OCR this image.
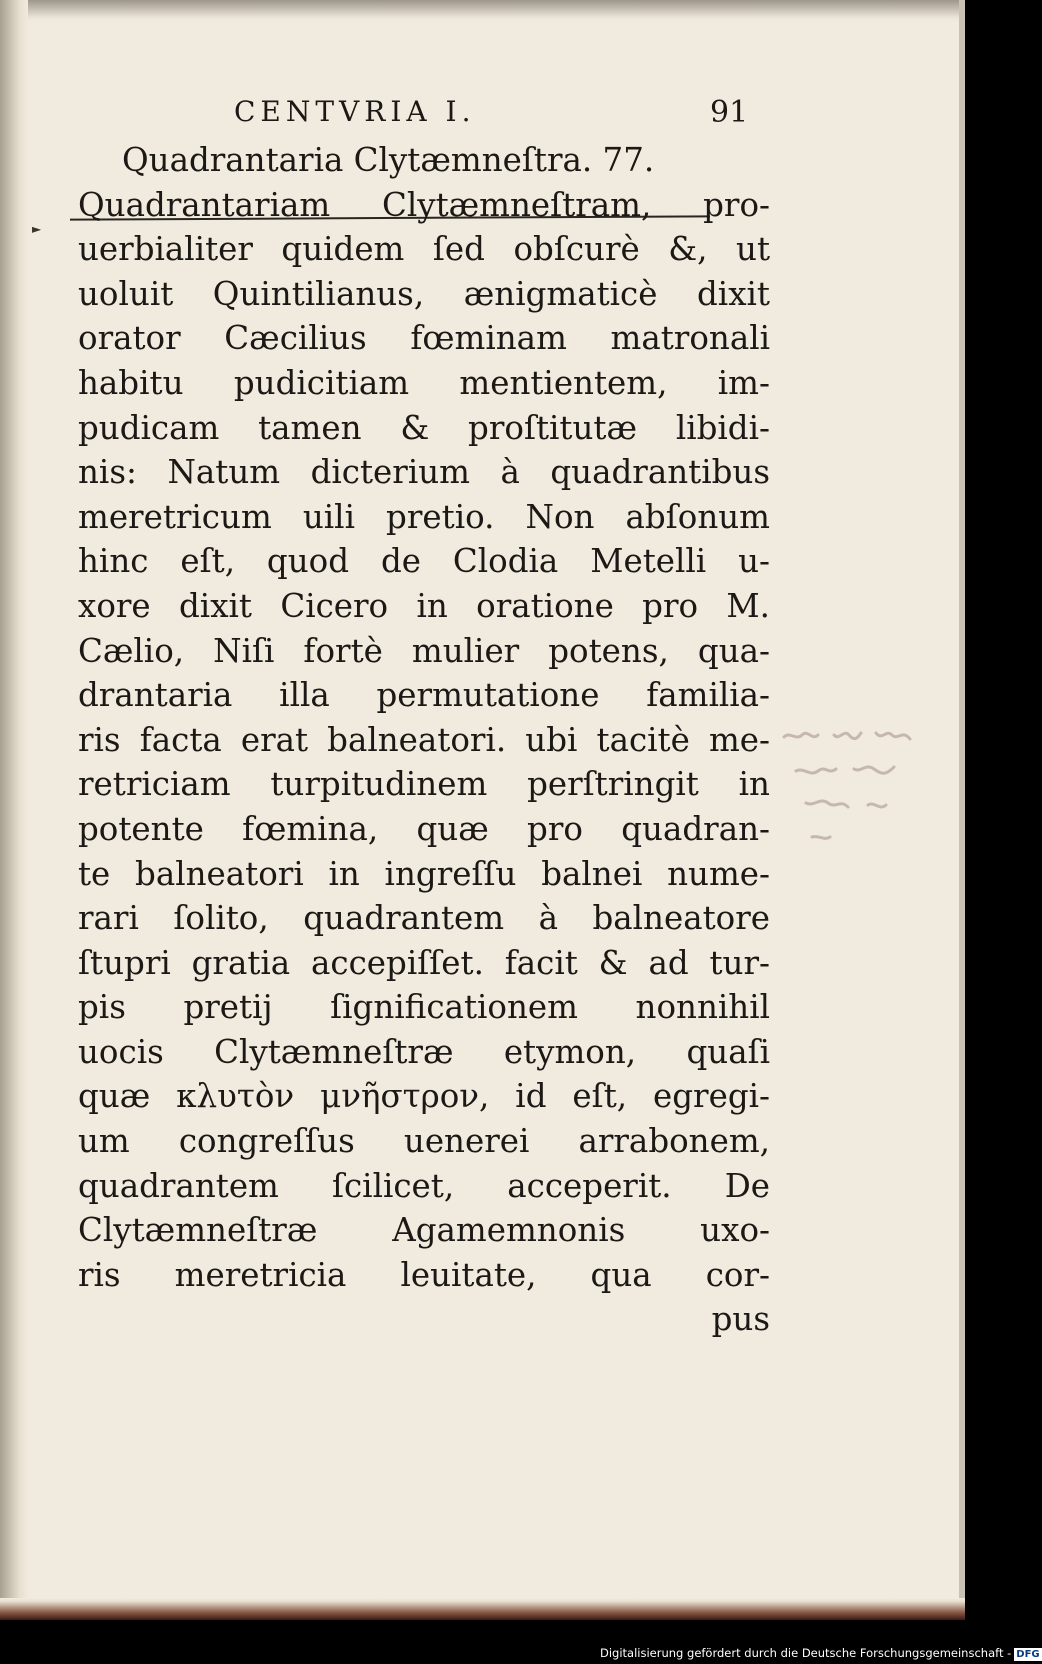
CENTVRIA I.	91
►
Quadrantaria Clytæmneſtra. 77.
Quadrantariam Clytæmneſtram, pro-
uerbialiter quidem ſed obſcurè &, ut
uoluit Quintilianus, ænigmaticè dixit
orator Cæcilius fœminam matronali
habitu pudicitiam mentientem, im-
pudicam tamen & proſtitutæ libidi-
nis: Natum dicterium à quadrantibus
meretricum uili pretio. Non abſonum
hinc eſt, quod de Clodia Metelli u-
xore dixit Cicero in oratione pro M.
Cælio, Niſi fortè mulier potens, qua-
drantaria illa permutatione familia-
ris facta erat balneatori. ubi tacitè me-
retriciam turpitudinem perſtringit in
potente fœmina, quæ pro quadran-
te balneatori in ingreſſu balnei nume-
rari ſolito, quadrantem à balneatore
ſtupri gratia accepiſſet. facit & ad tur-
pis pretij ſignificationem nonnihil
uocis Clytæmneſtræ etymon, quaſi
quæ κλυτὸν μνῆστρον, id eſt, egregi-
um congreſſus uenerei arrabonem,
quadrantem ſcilicet, acceperit. De
Clytæmneſtræ Agamemnonis uxo-
ris meretricia leuitate, qua cor-
pus
Digitalisierung gefördert durch die Deutsche Forschungsgemeinschaft - DFG
